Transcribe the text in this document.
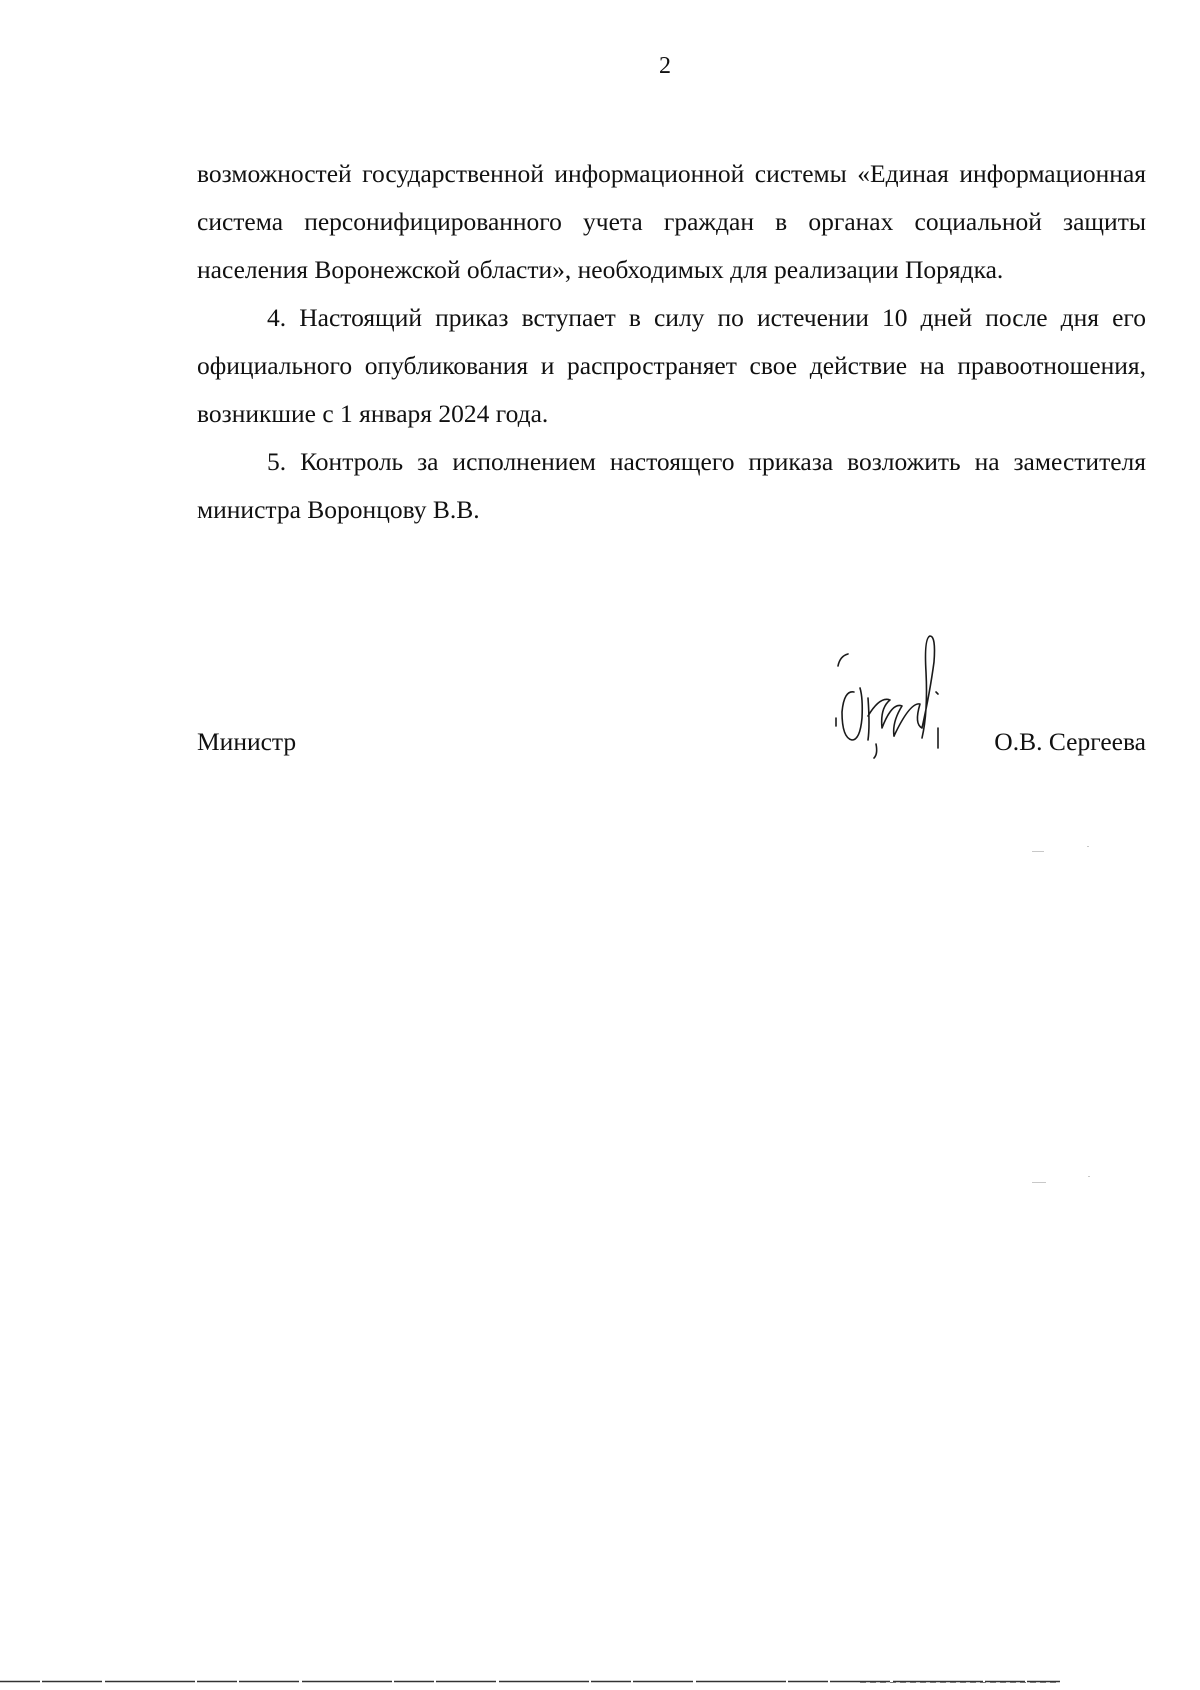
2

возможностей государственной информационной системы «Единая информационная система персонифицированного учета граждан в органах социальной защиты населения Воронежской области», необходимых для реализации Порядка.

4. Настоящий приказ вступает в силу по истечении 10 дней после дня его официального опубликования и распространяет свое действие на правоотношения, возникшие с 1 января 2024 года.

5. Контроль за исполнением настоящего приказа возложить на заместителя министра Воронцову В.В.

Министр	О.В. Сергеева
